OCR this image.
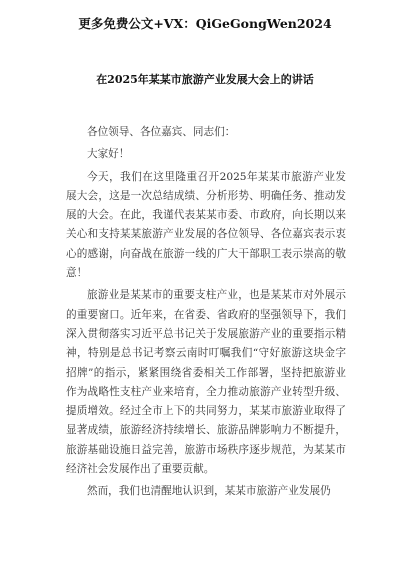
更多免费公文+VX：QiGeGongWen2024
在2025年某某市旅游产业发展大会上的讲话

各位领导、各位嘉宾、同志们：

大家好！

今天，我们在这里隆重召开2025年某某市旅游产业发展大会，这是一次总结成绩、分析形势、明确任务、推动发展的大会。在此，我谨代表某某市委、市政府，向长期以来关心和支持某某旅游产业发展的各位领导、各位嘉宾表示衷心的感谢，向奋战在旅游一线的广大干部职工表示崇高的敬意！

旅游业是某某市的重要支柱产业，也是某某市对外展示的重要窗口。近年来，在省委、省政府的坚强领导下，我们深入贯彻落实习近平总书记关于发展旅游产业的重要指示精神，特别是总书记考察云南时叮嘱我们“守好旅游这块金字招牌”的指示，紧紧围绕省委相关工作部署，坚持把旅游业作为战略性支柱产业来培育，全力推动旅游产业转型升级、提质增效。经过全市上下的共同努力，某某市旅游业取得了显著成绩，旅游经济持续增长、旅游品牌影响力不断提升，旅游基础设施日益完善，旅游市场秩序逐步规范，为某某市经济社会发展作出了重要贡献。

然而，我们也清醒地认识到，某某市旅游产业发展仍
